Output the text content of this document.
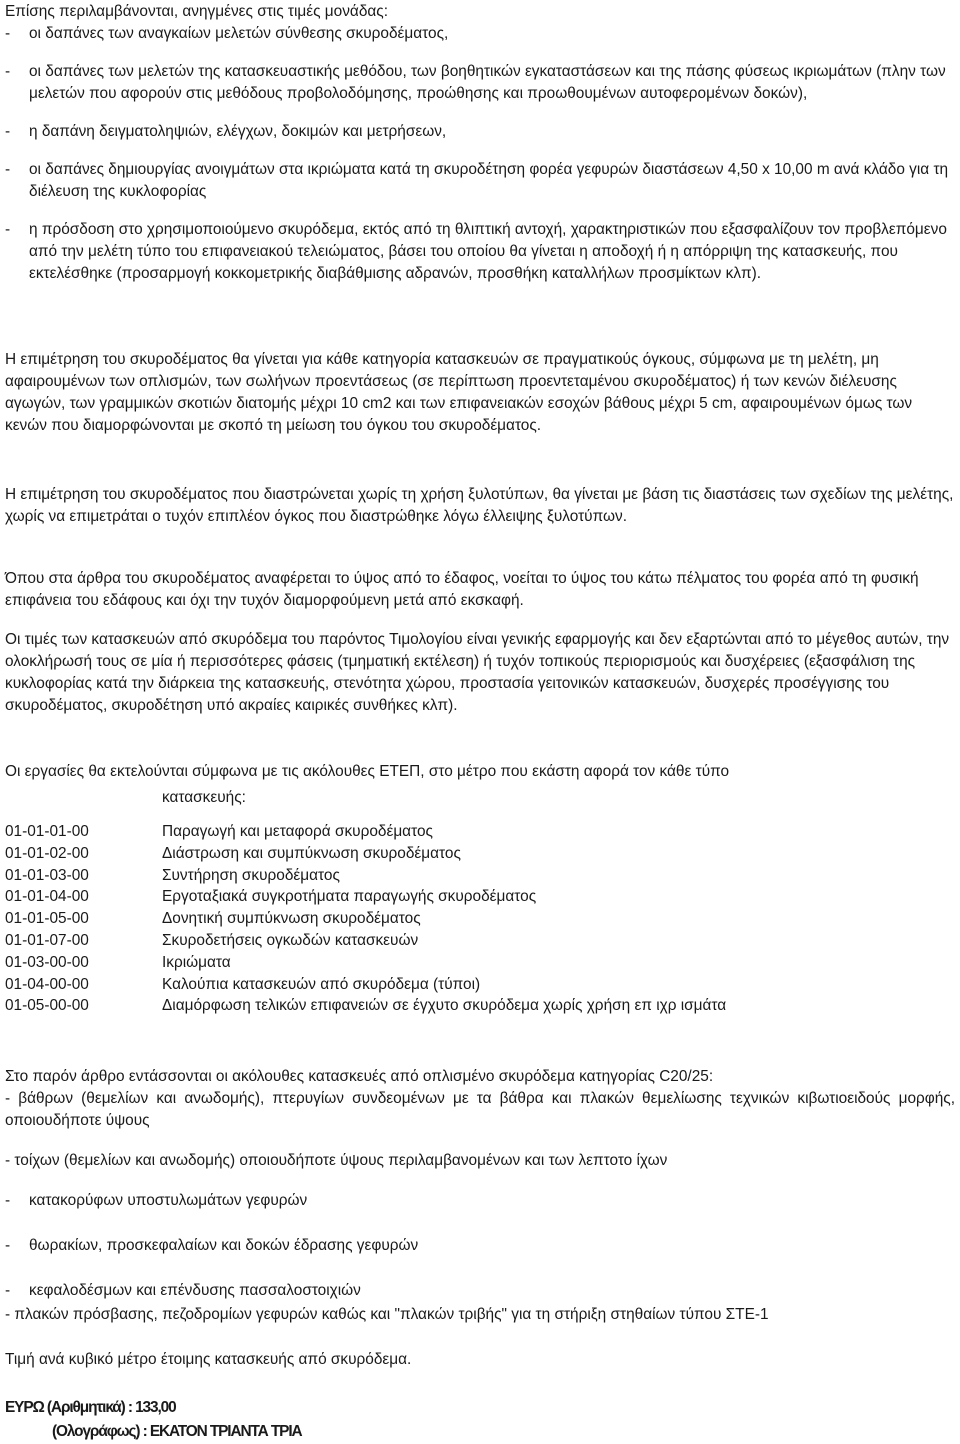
Επίσης περιλαμβάνονται, ανηγμένες στις τιμές μονάδας:

-	οι δαπάνες των αναγκαίων μελετών σύνθεσης σκυροδέματος,
-	οι δαπάνες των μελετών της κατασκευαστικής μεθόδου, των βοηθητικών εγκαταστάσεων και της πάσης φύσεως ικριωμάτων (πλην των μελετών που αφορούν στις μεθόδους προβολοδόμησης, προώθησης και προωθουμένων αυτοφερομένων δοκών),
-	η δαπάνη δειγματοληψιών, ελέγχων, δοκιμών και μετρήσεων,
-	οι δαπάνες δημιουργίας ανοιγμάτων στα ικριώματα κατά τη σκυροδέτηση φορέα γεφυρών διαστάσεων 4,50 x 10,00 m ανά κλάδο για τη διέλευση της κυκλοφορίας
-	η πρόσδοση στο χρησιμοποιούμενο σκυρόδεμα, εκτός από τη θλιπτική αντοχή, χαρακτηριστικών που εξασφαλίζουν τον προβλεπόμενο από την μελέτη τύπο του επιφανειακού τελειώματος, βάσει του οποίου θα γίνεται η αποδοχή ή η απόρριψη της κατασκευής, που εκτελέσθηκε (προσαρμογή κοκκομετρικής διαβάθμισης αδρανών, προσθήκη καταλλήλων προσμίκτων κλπ).

Η επιμέτρηση του σκυροδέματος θα γίνεται για κάθε κατηγορία κατασκευών σε πραγματικούς όγκους, σύμφωνα με τη μελέτη, μη αφαιρουμένων των οπλισμών, των σωλήνων προεντάσεως (σε περίπτωση προεντεταμένου σκυροδέματος) ή των κενών διέλευσης αγωγών, των γραμμικών σκοτιών διατομής μέχρι 10 cm2 και των επιφανειακών εσοχών βάθους μέχρι 5 cm, αφαιρουμένων όμως των κενών που διαμορφώνονται με σκοπό τη μείωση του όγκου του σκυροδέματος.

Η επιμέτρηση του σκυροδέματος που διαστρώνεται χωρίς τη χρήση ξυλοτύπων, θα γίνεται με βάση τις διαστάσεις των σχεδίων της μελέτης, χωρίς να επιμετράται ο τυχόν επιπλέον όγκος που διαστρώθηκε λόγω έλλειψης ξυλοτύπων.

Όπου στα άρθρα του σκυροδέματος αναφέρεται το ύψος από το έδαφος, νοείται το ύψος του κάτω πέλματος του φορέα από τη φυσική επιφάνεια του εδάφους και όχι την τυχόν διαμορφούμενη μετά από εκσκαφή.

Οι τιμές των κατασκευών από σκυρόδεμα του παρόντος Τιμολογίου είναι γενικής εφαρμογής και δεν εξαρτώνται από το μέγεθος αυτών, την ολοκλήρωσή τους σε μία ή περισσότερες φάσεις (τμηματική εκτέλεση) ή τυχόν τοπικούς περιορισμούς και δυσχέρειες (εξασφάλιση της κυκλοφορίας κατά την διάρκεια της κατασκευής, στενότητα χώρου, προστασία γειτονικών κατασκευών, δυσχερές προσέγγισης του σκυροδέματος, σκυροδέτηση υπό ακραίες καιρικές συνθήκες κλπ).

Οι εργασίες θα εκτελούνται σύμφωνα με τις ακόλουθες ΕΤΕΠ, στο μέτρο που εκάστη αφορά τον κάθε τύπο

κατασκευής:

01-01-01-00	Παραγωγή και μεταφορά σκυροδέματος
01-01-02-00	Διάστρωση και συμπύκνωση σκυροδέματος
01-01-03-00	Συντήρηση σκυροδέματος
01-01-04-00	Εργοταξιακά συγκροτήματα παραγωγής σκυροδέματος
01-01-05-00	Δονητική συμπύκνωση σκυροδέματος
01-01-07-00	Σκυροδετήσεις ογκωδών κατασκευών
01-03-00-00	Ικριώματα
01-04-00-00	Καλούπια κατασκευών από σκυρόδεμα (τύποι)
01-05-00-00	Διαμόρφωση τελικών επιφανειών σε έγχυτο σκυρόδεμα χωρίς χρήση επ ιχρ ισμάτα

Στο παρόν άρθρο εντάσσονται οι ακόλουθες κατασκευές από οπλισμένο σκυρόδεμα κατηγορίας C20/25:

- βάθρων (θεμελίων και ανωδομής), πτερυγίων συνδεομένων με τα βάθρα και πλακών θεμελίωσης τεχνικών κιβωτιοειδούς μορφής, οποιουδήποτε ύψους

- τοίχων (θεμελίων και ανωδομής) οποιουδήποτε ύψους περιλαμβανομένων και των λεπτοτο ίχων

-	κατακορύφων υποστυλωμάτων γεφυρών
-	θωρακίων, προσκεφαλαίων και δοκών έδρασης γεφυρών
-	κεφαλοδέσμων και επένδυσης πασσαλοστοιχιών

- πλακών πρόσβασης, πεζοδρομίων γεφυρών καθώς και "πλακών τριβής" για τη στήριξη στηθαίων τύπου ΣΤΕ-1

Τιμή ανά κυβικό μέτρο έτοιμης κατασκευής από σκυρόδεμα.

ΕΥΡΩ (Αριθμητικά) : 133,00

(Ολογράφως) : ΕΚΑΤΟΝ ΤΡΙΑΝΤΑ ΤΡΙΑ
